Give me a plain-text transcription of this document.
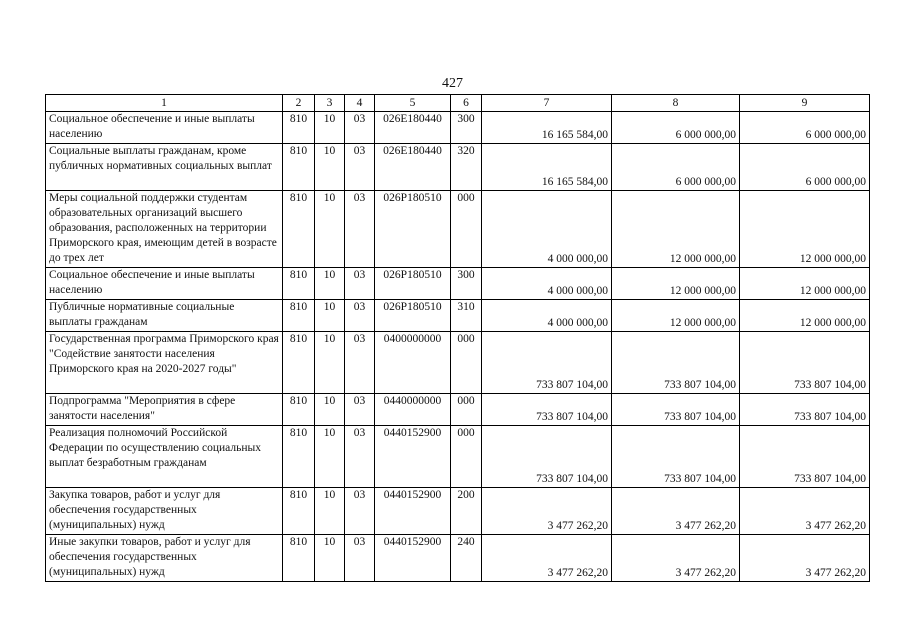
427
1	2	3	4	5	6	7	8	9
Социальное обеспечение и иные выплаты населению	810	10	03	026E180440	300	16 165 584,00	6 000 000,00	6 000 000,00
Социальные выплаты гражданам, кроме публичных нормативных социальных выплат	810	10	03	026E180440	320	16 165 584,00	6 000 000,00	6 000 000,00
Меры социальной поддержки студентам образовательных организаций высшего образования, расположенных на территории Приморского края, имеющим детей в возрасте до трех лет	810	10	03	026P180510	000	4 000 000,00	12 000 000,00	12 000 000,00
Социальное обеспечение и иные выплаты населению	810	10	03	026P180510	300	4 000 000,00	12 000 000,00	12 000 000,00
Публичные нормативные социальные выплаты гражданам	810	10	03	026P180510	310	4 000 000,00	12 000 000,00	12 000 000,00
Государственная программа Приморского края "Содействие занятости населения Приморского края на 2020-2027 годы"	810	10	03	0400000000	000	733 807 104,00	733 807 104,00	733 807 104,00
Подпрограмма "Мероприятия в сфере занятости населения"	810	10	03	0440000000	000	733 807 104,00	733 807 104,00	733 807 104,00
Реализация полномочий Российской Федерации по осуществлению социальных выплат безработным гражданам	810	10	03	0440152900	000	733 807 104,00	733 807 104,00	733 807 104,00
Закупка товаров, работ и услуг для обеспечения государственных (муниципальных) нужд	810	10	03	0440152900	200	3 477 262,20	3 477 262,20	3 477 262,20
Иные закупки товаров, работ и услуг для обеспечения государственных (муниципальных) нужд	810	10	03	0440152900	240	3 477 262,20	3 477 262,20	3 477 262,20
